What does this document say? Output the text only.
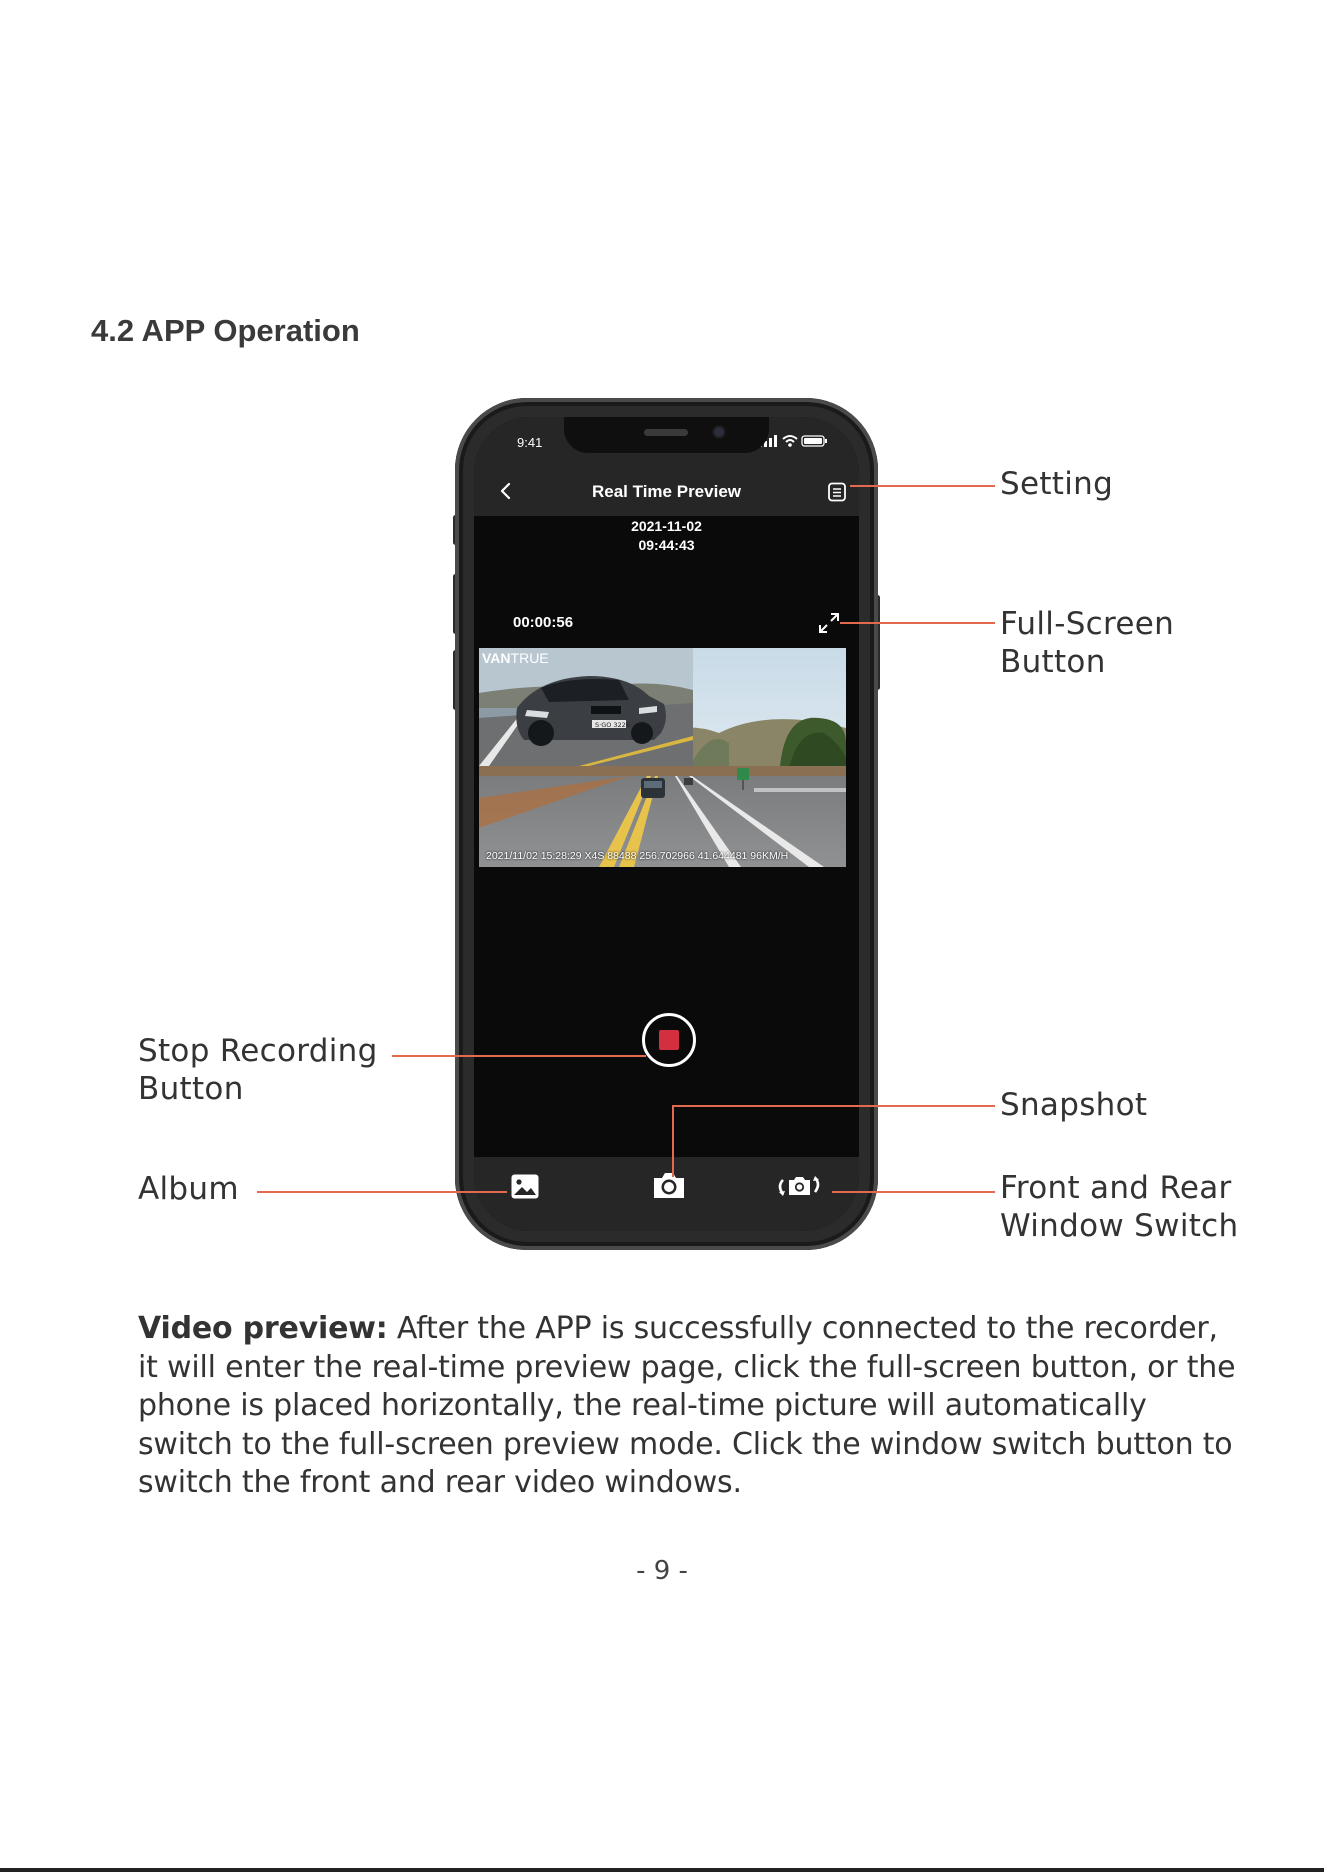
4.2 APP Operation
9:41
Real Time Preview
2021-11-02
09:44:43
00:00:56
S·GO 3226
VANTRUE
2021/11/02 15:28:29 X4S 88488 256.702966 41.644481 96KM/H
Setting
Full-Screen
Button
Stop Recording
Button	Snapshot
Album	Front and Rear
Window Switch

Video preview: After the APP is successfully connected to the recorder, it will enter the real-time preview page, click the full-screen button, or the phone is placed horizontally, the real-time picture will automatically switch to the full-screen preview mode. Click the window switch button to switch the front and rear video windows.

- 9 -
